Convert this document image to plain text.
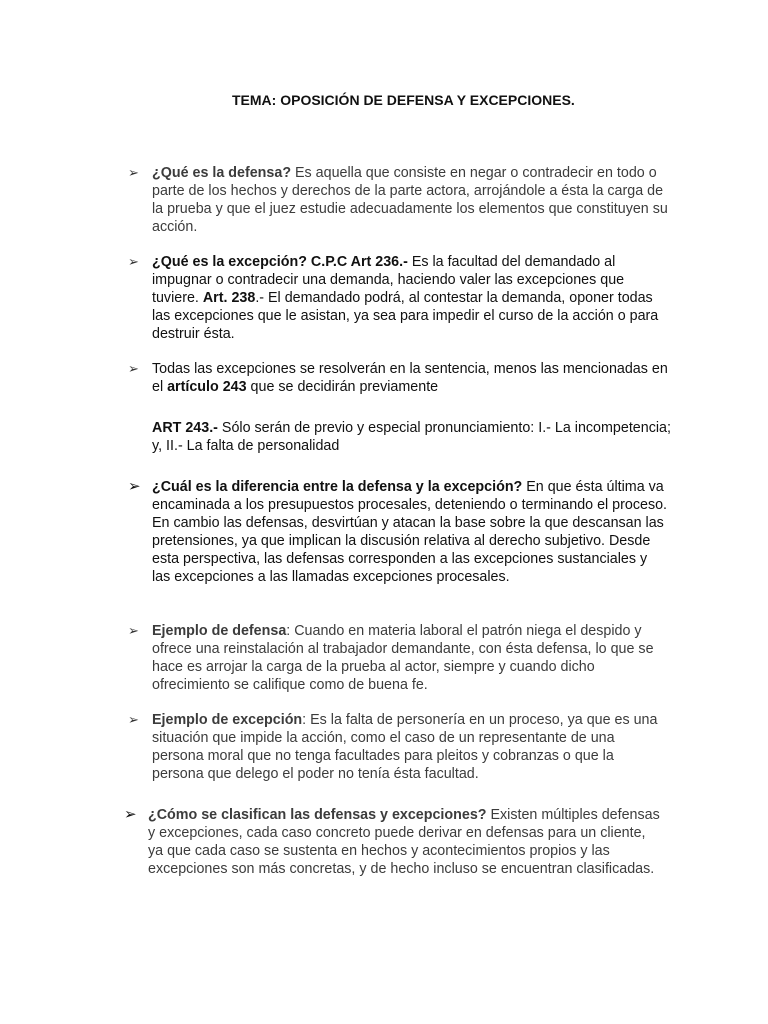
TEMA: OPOSICIÓN DE DEFENSA Y EXCEPCIONES.
➢ ¿Qué es la defensa? Es aquella que consiste en negar o contradecir en todo o parte de los hechos y derechos de la parte actora, arrojándole a ésta la carga de la prueba y que el juez estudie adecuadamente los elementos que constituyen su acción.
➢ ¿Qué es la excepción? C.P.C Art 236.- Es la facultad del demandado al impugnar o contradecir una demanda, haciendo valer las excepciones que tuviere. Art. 238.- El demandado podrá, al contestar la demanda, oponer todas las excepciones que le asistan, ya sea para impedir el curso de la acción o para destruir ésta.
➢ Todas las excepciones se resolverán en la sentencia, menos las mencionadas en el artículo 243 que se decidirán previamente
ART 243.- Sólo serán de previo y especial pronunciamiento: I.- La incompetencia; y, II.- La falta de personalidad
➢ ¿Cuál es la diferencia entre la defensa y la excepción? En que ésta última va encaminada a los presupuestos procesales, deteniendo o terminando el proceso. En cambio las defensas, desvirtúan y atacan la base sobre la que descansan las pretensiones, ya que implican la discusión relativa al derecho subjetivo. Desde esta perspectiva, las defensas corresponden a las excepciones sustanciales y las excepciones a las llamadas excepciones procesales.
➢ Ejemplo de defensa: Cuando en materia laboral el patrón niega el despido y ofrece una reinstalación al trabajador demandante, con ésta defensa, lo que se hace es arrojar la carga de la prueba al actor, siempre y cuando dicho ofrecimiento se califique como de buena fe.
➢ Ejemplo de excepción: Es la falta de personería en un proceso, ya que es una situación que impide la acción, como el caso de un representante de una persona moral que no tenga facultades para pleitos y cobranzas o que la persona que delego el poder no tenía ésta facultad.
➢ ¿Cómo se clasifican las defensas y excepciones? Existen múltiples defensas y excepciones, cada caso concreto puede derivar en defensas para un cliente, ya que cada caso se sustenta en hechos y acontecimientos propios y las excepciones son más concretas, y de hecho incluso se encuentran clasificadas.
